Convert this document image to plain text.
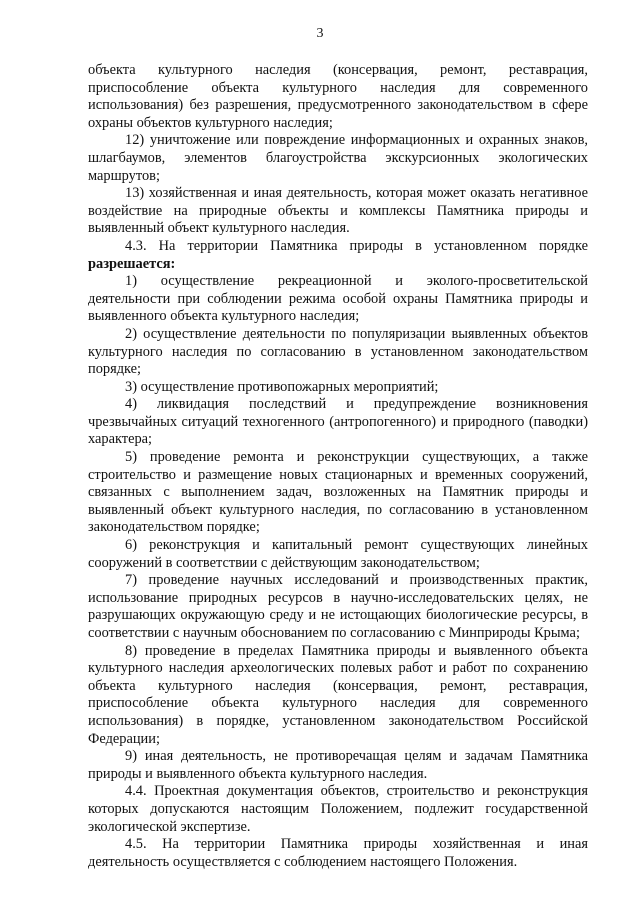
3

объекта культурного наследия (консервация, ремонт, реставрация, приспособление объекта культурного наследия для современного использования) без разрешения, предусмотренного законодательством в сфере охраны объектов культурного наследия;

12) уничтожение или повреждение информационных и охранных знаков, шлагбаумов, элементов благоустройства экскурсионных экологических маршрутов;

13) хозяйственная и иная деятельность, которая может оказать негативное воздействие на природные объекты и комплексы Памятника природы и выявленный объект культурного наследия.

4.3. На территории Памятника природы в установленном порядке разрешается:

1) осуществление рекреационной и эколого-просветительской деятельности при соблюдении режима особой охраны Памятника природы и выявленного объекта культурного наследия;

2) осуществление деятельности по популяризации выявленных объектов культурного наследия по согласованию в установленном законодательством порядке;

3) осуществление противопожарных мероприятий;

4) ликвидация последствий и предупреждение возникновения чрезвычайных ситуаций техногенного (антропогенного) и природного (паводки) характера;

5) проведение ремонта и реконструкции существующих, а также строительство и размещение новых стационарных и временных сооружений, связанных с выполнением задач, возложенных на Памятник природы и выявленный объект культурного наследия, по согласованию в установленном законодательством порядке;

6) реконструкция и капитальный ремонт существующих линейных сооружений в соответствии с действующим законодательством;

7) проведение научных исследований и производственных практик, использование природных ресурсов в научно-исследовательских целях, не разрушающих окружающую среду и не истощающих биологические ресурсы, в соответствии с научным обоснованием по согласованию с Минприроды Крыма;

8) проведение в пределах Памятника природы и выявленного объекта культурного наследия археологических полевых работ и работ по сохранению объекта культурного наследия (консервация, ремонт, реставрация, приспособление объекта культурного наследия для современного использования) в порядке, установленном законодательством Российской Федерации;

9) иная деятельность, не противоречащая целям и задачам Памятника природы и выявленного объекта культурного наследия.

4.4. Проектная документация объектов, строительство и реконструкция которых допускаются настоящим Положением, подлежит государственной экологической экспертизе.

4.5. На территории Памятника природы хозяйственная и иная деятельность осуществляется с соблюдением настоящего Положения.
